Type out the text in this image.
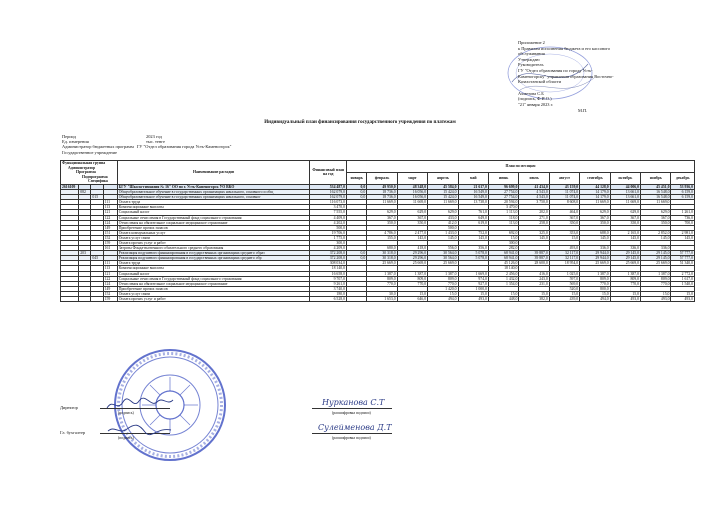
Приложение 2
к Правилам исполнения бюджета и его кассового
обслуживания
Утверждаю
Руководитель
ГУ "Отдел образования по городу Усть-
Каменогорску" управления образования Восточно-
Казахстанской области
Ахметова С.Б
(подпись, Ф.И.О.)
"21" января 2023 г.
М.П.
Индивидуальный план финансирования государственного учреждения по платежам
Период	2023 год
Ед. измерения	тыс. тенге
Администратор бюджетных программ ГУ "Отдел образования города Усть-Каменогорск"
Государственное учреждение
Функциональная группа
Администратор
Программа
Подпрограмма
Специфика				Наименование расходов	Финансовый план на год	План по месяцам											
						январь	февраль	март	апрель	май	июнь	июль	август	сентябрь	октябрь	ноябрь	декабрь
2616109				БГУ "Школа-гимназия № 16" ОО по г. Усть-Каменогорск УО ВКО	534 487,0	0,0	49 950,0	48 348,0	45 584,0	21 617,0	96 699,0	41 434,0	43 159,0	44 128,0	44 006,0	45 451,0	53 936,0
	082			Общеобразовательное обучение в государственных организациях начального, основного и общ	162 079,0	0,0	18 736,0	16 056,0	15 424,0	16 549,0	27 754,0	4 543,0	11 074,0	14 179,0	13 661,0	16 548,0	6 159,0
		015		Общеобразовательное обучение в государственных организациях начального, основног	162 079,0	0,0	18 736,0	16 056,0	15 424,0	16 549,0	27 754,0	4 543,0	11 074,0	14 179,0	13 661,0	16 548,0	6 159,0
			111	Оплата труда	116 073,0		11 669,0	11 669,0	11 669,0	13 738,0	20 594,0	3 750,0	8 608,0	11 669,0	11 669,0	11 669,0	
			113	Компенсационные выплаты	3 470,0						3 470,0						
			121	Социальный налог	7 555,0		629,0	629,0	629,0	761,0	1 113,0	202,0	464,0	629,0	629,0	629,0	1 261,0
			122	Социальные отчисления в Государственный фонд социального страхования	4 409,0		367,0	367,0	433,0	649,0	118,0	271,0	367,0	367,0	367,0	367,0	736,0
			124	Отчисления на обязательное социальное медицинское страхование	4 202,0		350,0	350,0	412,0	619,0	113,0	258,0	350,0	350,0	350,0	350,0	700,0
			149	Приобретение прочих запасов	500,0				500,0								
			151	Оплата коммунальных услуг	19 706,0		4 786,0	2 477,0	1 433,0	752,0	692,0	325,0	353,0	688,0	2 165,0	2 852,0	2 981,0
			152	Оплата услуг связи	1 775,0		155,0	145,0	145,0	145,0	15,0	145,0	15,0	145,0	145,0	145,0	145,0
			159	Оплата прочих услуг и работ	300,0						300,0						
			161	Затраты Фонда-вычтенного обязательного среднего образования	4 209,0		680,0	418,0	556,0	356,0	282,0		493,0	336,0	336,0	336,0	
	203			Реализация подушевого финансирования в государственных организациях среднего образ	372 208,0	0,0	30 318,0	29 296,0	30 564,0	5 078,0	68 941,0	39 887,0	32 117,0	29 944,0	29 145,0	29 145,0	57 777,0
		045		Реализация подушевого финансирования в государственных организациях среднего обр	372 208,0	0,0	30 318,0	29 296,0	30 564,0	5 078,0	68 941,0	39 887,0	32 117,0	29 944,0	29 145,0	29 145,0	57 777,0
			111	Оплата труда	308 034,0		25 669,0	25 669,0	25 669,0		45 126,0	28 600,0	18 954,0	25 669,0	25 669,0	25 669,0	51 340,0
			113	Компенсационные выплаты	18 140,0						18 140,0						
			121	Социальный налог	16 658,0		1 387,0	1 387,0	1 387,0	1 669,0	2 456,0	416,0	1 025,0	1 387,0	1 387,0	1 387,0	2 772,0
			122	Социальные отчисления в Государственный фонд социального страхования	9 707,0		809,0	809,0	809,0	974,0	1 432,0	243,0	597,0	809,0	809,0	809,0	1 617,0
			124	Отчисления на обязательное социальное медицинское страхование	9 261,0		770,0	770,0	770,0	927,0	1 354,0	231,0	569,0	770,0	770,0	770,0	1 540,0
			149	Приобретение прочих запасов	3 740,0				1 420,0	1 000,0			520,0	800,0			
			152	Оплата услуг связи	180,0		30,0	15,0	15,0	15,0	15,0	15,0	15,0	15,0	15,0	15,0	15,0
			159	Оплата прочих услуг и работ	6 528,0		1 653,0	646,0	494,0	493,0	448,0	382,0	439,0	494,0	493,0	493,0	493,0
Директор
(подпись)	(расшифровка подписи)
Нурканова С.Т
Гл. бухгалтер
(подпись)	(расшифровка подписи)
Сулейменова Д.Т
